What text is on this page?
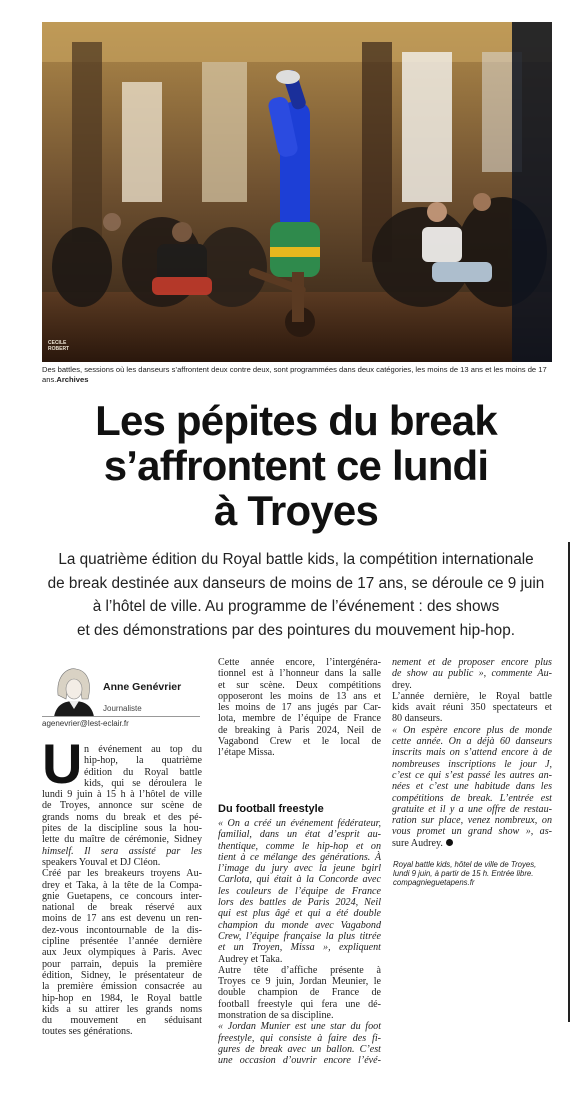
CECILE ROBERT
Des battles, sessions où les danseurs s’affrontent deux contre deux, sont programmées dans deux catégories, les moins de 13 ans et les moins de 17 ans.Archives
Les pépites du break
s’affrontent ce lundi
à Troyes
La quatrième édition du Royal battle kids, la compétition internationale
de break destinée aux danseurs de moins de 17 ans, se déroule ce 9 juin
à l’hôtel de ville. Au programme de l’événement : des shows
et des démonstrations par des pointures du mouvement hip-hop.
Anne Genévrier
Journaliste
agenevrier@lest-eclair.fr
U n événement au top du
hip-hop, la quatrième
édition du Royal battle
kids, qui se déroulera le
lundi 9 juin à 15 h à l’hôtel de ville
de Troyes, annonce sur scène de
grands noms du break et des pé-
pites de la discipline sous la hou-
lette du maître de cérémonie, Sidney
himself. Il sera assisté par les
speakers Youval et DJ Cléon.
Créé par les breakeurs troyens Au-
drey et Taka, à la tête de la Compa-
gnie Guetapens, ce concours inter-
national de break réservé aux
moins de 17 ans est devenu un ren-
dez-vous incontournable de la dis-
cipline présentée l’année dernière
aux Jeux olympiques à Paris. Avec
pour parrain, depuis la première
édition, Sidney, le présentateur de
la première émission consacrée au
hip-hop en 1984, le Royal battle
kids a su attirer les grands noms
du mouvement en séduisant
toutes ses générations.
Cette année encore, l’intergénéra-
tionnel est à l’honneur dans la salle
et sur scène. Deux compétitions
opposeront les moins de 13 ans et
les moins de 17 ans jugés par Car-
lota, membre de l’équipe de France
de breaking à Paris 2024, Neil de
Vagabond Crew et le local de
l’étape Missa.
Du football freestyle
« On a créé un événement fédérateur,
familial, dans un état d’esprit au-
thentique, comme le hip-hop et on
tient à ce mélange des générations. À
l’image du jury avec la jeune bgirl
Carlota, qui était à la Concorde avec
les couleurs de l’équipe de France
lors des battles de Paris 2024, Neil
qui est plus âgé et qui a été double
champion du monde avec Vagabond
Crew, l’équipe française la plus titrée
et un Troyen, Missa », expliquent
Audrey et Taka.
Autre tête d’affiche présente à
Troyes ce 9 juin, Jordan Meunier, le
double champion de France de
football freestyle qui fera une dé-
monstration de sa discipline.
« Jordan Munier est une star du foot
freestyle, qui consiste à faire des fi-
gures de break avec un ballon. C’est
une occasion d’ouvrir encore l’évé-
nement et de proposer encore plus
de show au public », commente Au-
drey.
L’année dernière, le Royal battle
kids avait réuni 350 spectateurs et
80 danseurs.
« On espère encore plus de monde
cette année. On a déjà 60 danseurs
inscrits mais on s’attend encore à de
nombreuses inscriptions le jour J,
c’est ce qui s’est passé les autres an-
nées et c’est une habitude dans les
compétitions de break. L’entrée est
gratuite et il y a une offre de restau-
ration sur place, venez nombreux, on
vous promet un grand show », as-
sure Audrey.
Royal battle kids, hôtel de ville de Troyes,
lundi 9 juin, à partir de 15 h. Entrée libre.
compagnieguetapens.fr
